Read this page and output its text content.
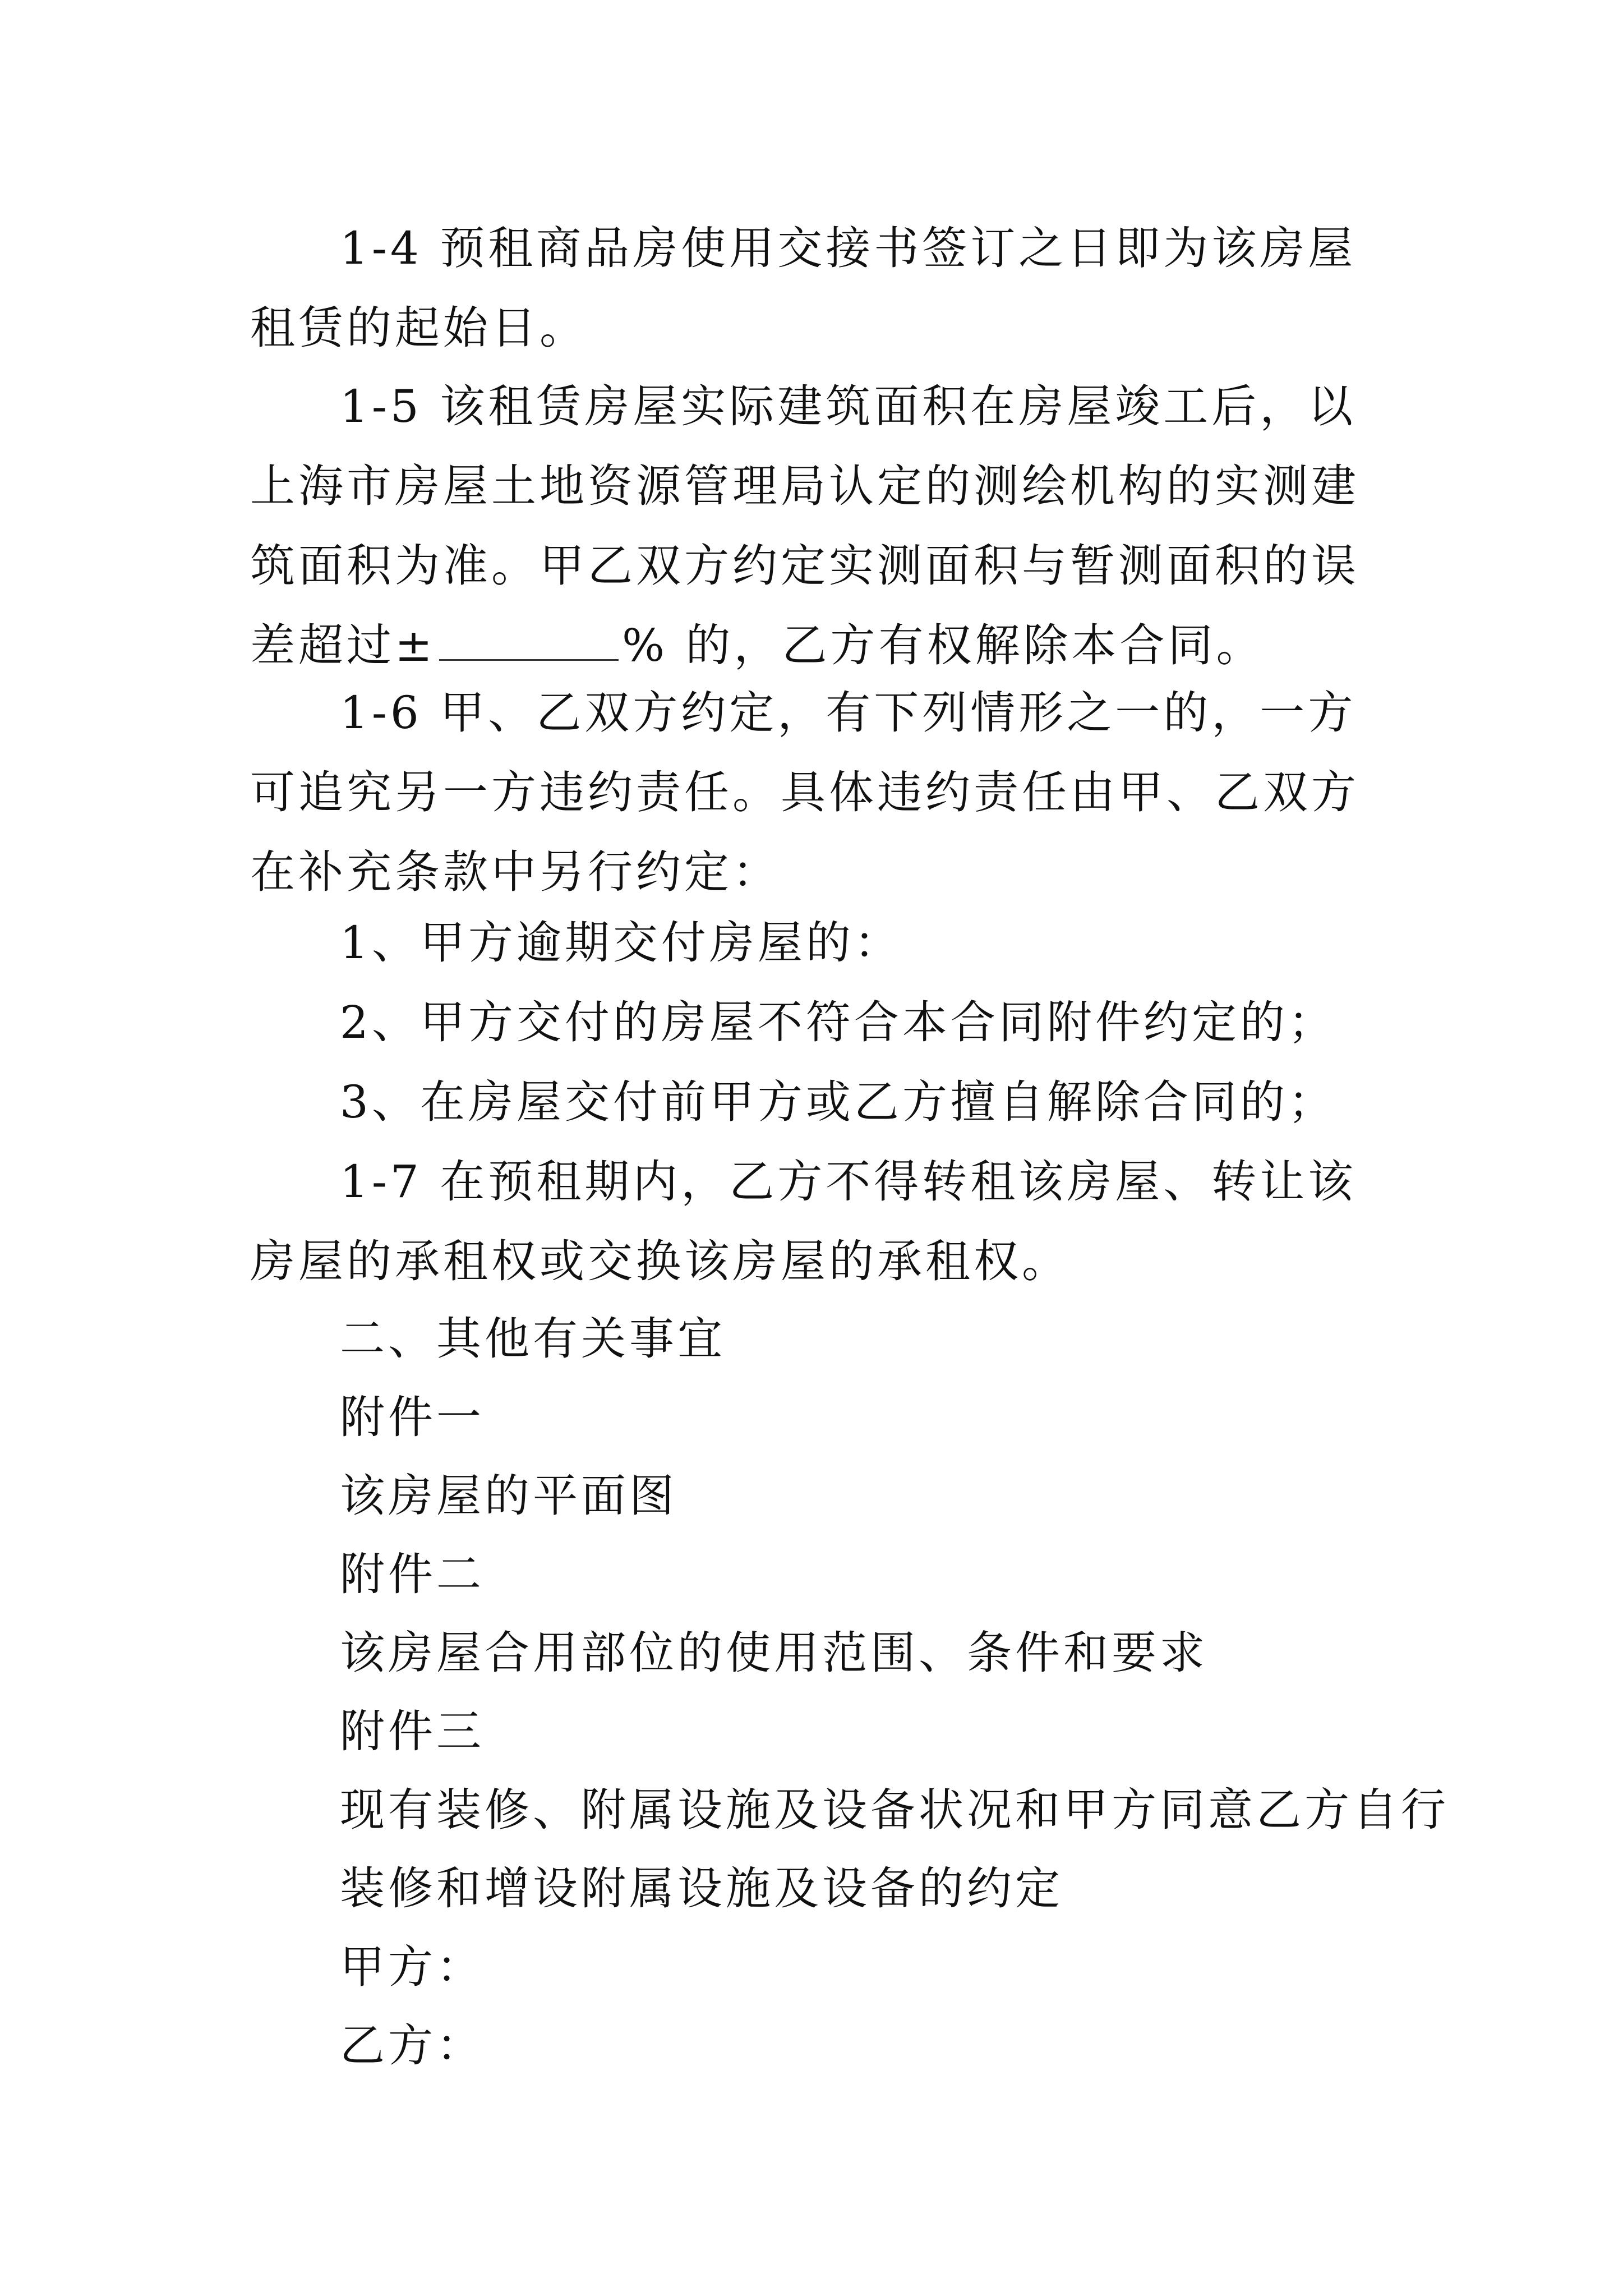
1-4 预租商品房使用交接书签订之日即为该房屋租赁的起始日。

1-5 该租赁房屋实际建筑面积在房屋竣工后，以上海市房屋土地资源管理局认定的测绘机构的实测建筑面积为准。甲乙双方约定实测面积与暂测面积的误差超过±	% 的，乙方有权解除本合同。

1-6 甲、乙双方约定，有下列情形之一的，一方可追究另一方违约责任。具体违约责任由甲、乙双方在补充条款中另行约定：

1、甲方逾期交付房屋的：

2、甲方交付的房屋不符合本合同附件约定的；

3、在房屋交付前甲方或乙方擅自解除合同的；

1-7 在预租期内，乙方不得转租该房屋、转让该房屋的承租权或交换该房屋的承租权。

二、其他有关事宜

附件一

该房屋的平面图

附件二

该房屋合用部位的使用范围、条件和要求

附件三

现有装修、附属设施及设备状况和甲方同意乙方自行

装修和增设附属设施及设备的约定

甲方：

乙方：
